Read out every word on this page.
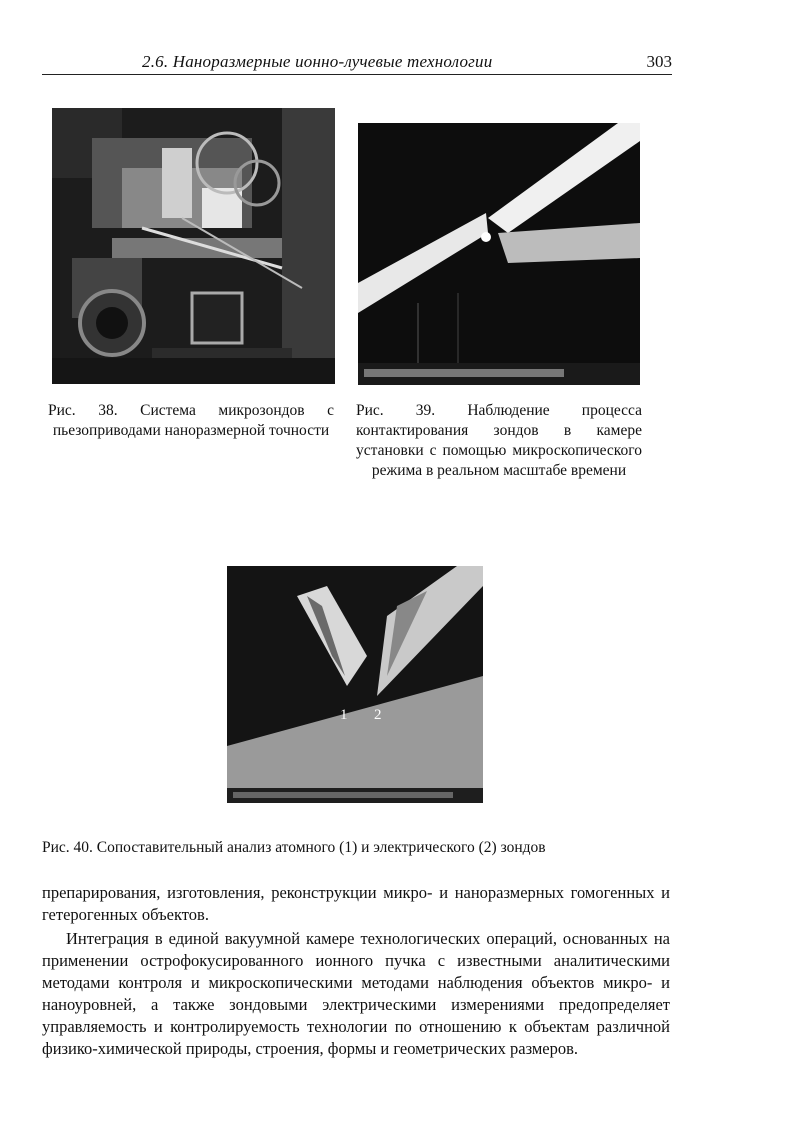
2.6. Наноразмерные ионно-лучевые технологии	303
Рис. 38. Система микрозондов с пьезоприводами наноразмерной точности
Рис. 39. Наблюдение процесса контактирования зондов в камере установки с помощью микроскопического режима в реальном масштабе времени
1 2
Рис. 40. Сопоставительный анализ атомного (1) и электрического (2) зондов
препарирования, изготовления, реконструкции микро- и наноразмерных гомогенных и гетерогенных объектов.
Интеграция в единой вакуумной камере технологических операций, основанных на применении острофокусированного ионного пучка с известными аналитическими методами контроля и микроскопическими методами наблюдения объектов микро- и наноуровней, а также зондовыми электрическими измерениями предопределяет управляемость и контролируемость технологии по отношению к объектам различной физико-химической природы, строения, формы и геометрических размеров.
